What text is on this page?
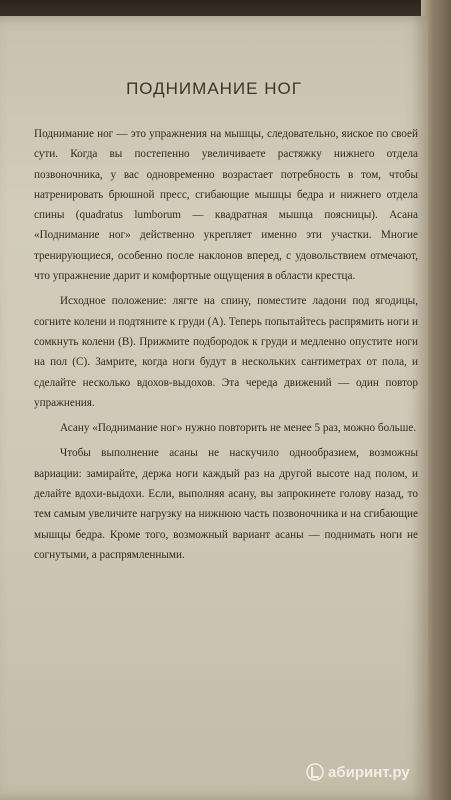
ПОДНИМАНИЕ НОГ

Поднимание ног — это упражнения на мышцы, следовательно, яиское по своей сути. Когда вы постепенно увеличиваете растяжку нижнего отдела позвоночника, у вас одновременно возрастает потребность в том, чтобы натренировать брюшной пресс, сгибающие мышцы бедра и нижнего отдела спины (quadratus lumborum — квадратная мышца поясницы). Асана «Поднимание ног» действенно укрепляет именно эти участки. Многие тренирующиеся, особенно после наклонов вперед, с удовольствием отмечают, что упражнение дарит и комфортные ощущения в области крестца.

Исходное положение: лягте на спину, поместите ладони под ягодицы, согните колени и подтяните к груди (А). Теперь попытайтесь распрямить ноги и сомкнуть колени (В). Прижмите подбородок к груди и медленно опустите ноги на пол (С). Замрите, когда ноги будут в нескольких сантиметрах от пола, и сделайте несколько вдохов-выдохов. Эта череда движений — один повтор упражнения.

Асану «Поднимание ног» нужно повторить не менее 5 раз, можно больше.

Чтобы выполнение асаны не наскучило однообразием, возможны вариации: замирайте, держа ноги каждый раз на другой высоте над полом, и делайте вдохи-выдохи. Если, выполняя асану, вы запрокинете голову назад, то тем самым увеличите нагрузку на нижнюю часть позвоночника и на сгибающие мышцы бедра. Кроме того, возможный вариант асаны — поднимать ноги не согнутыми, а распрямленными.

абиринт.ру
